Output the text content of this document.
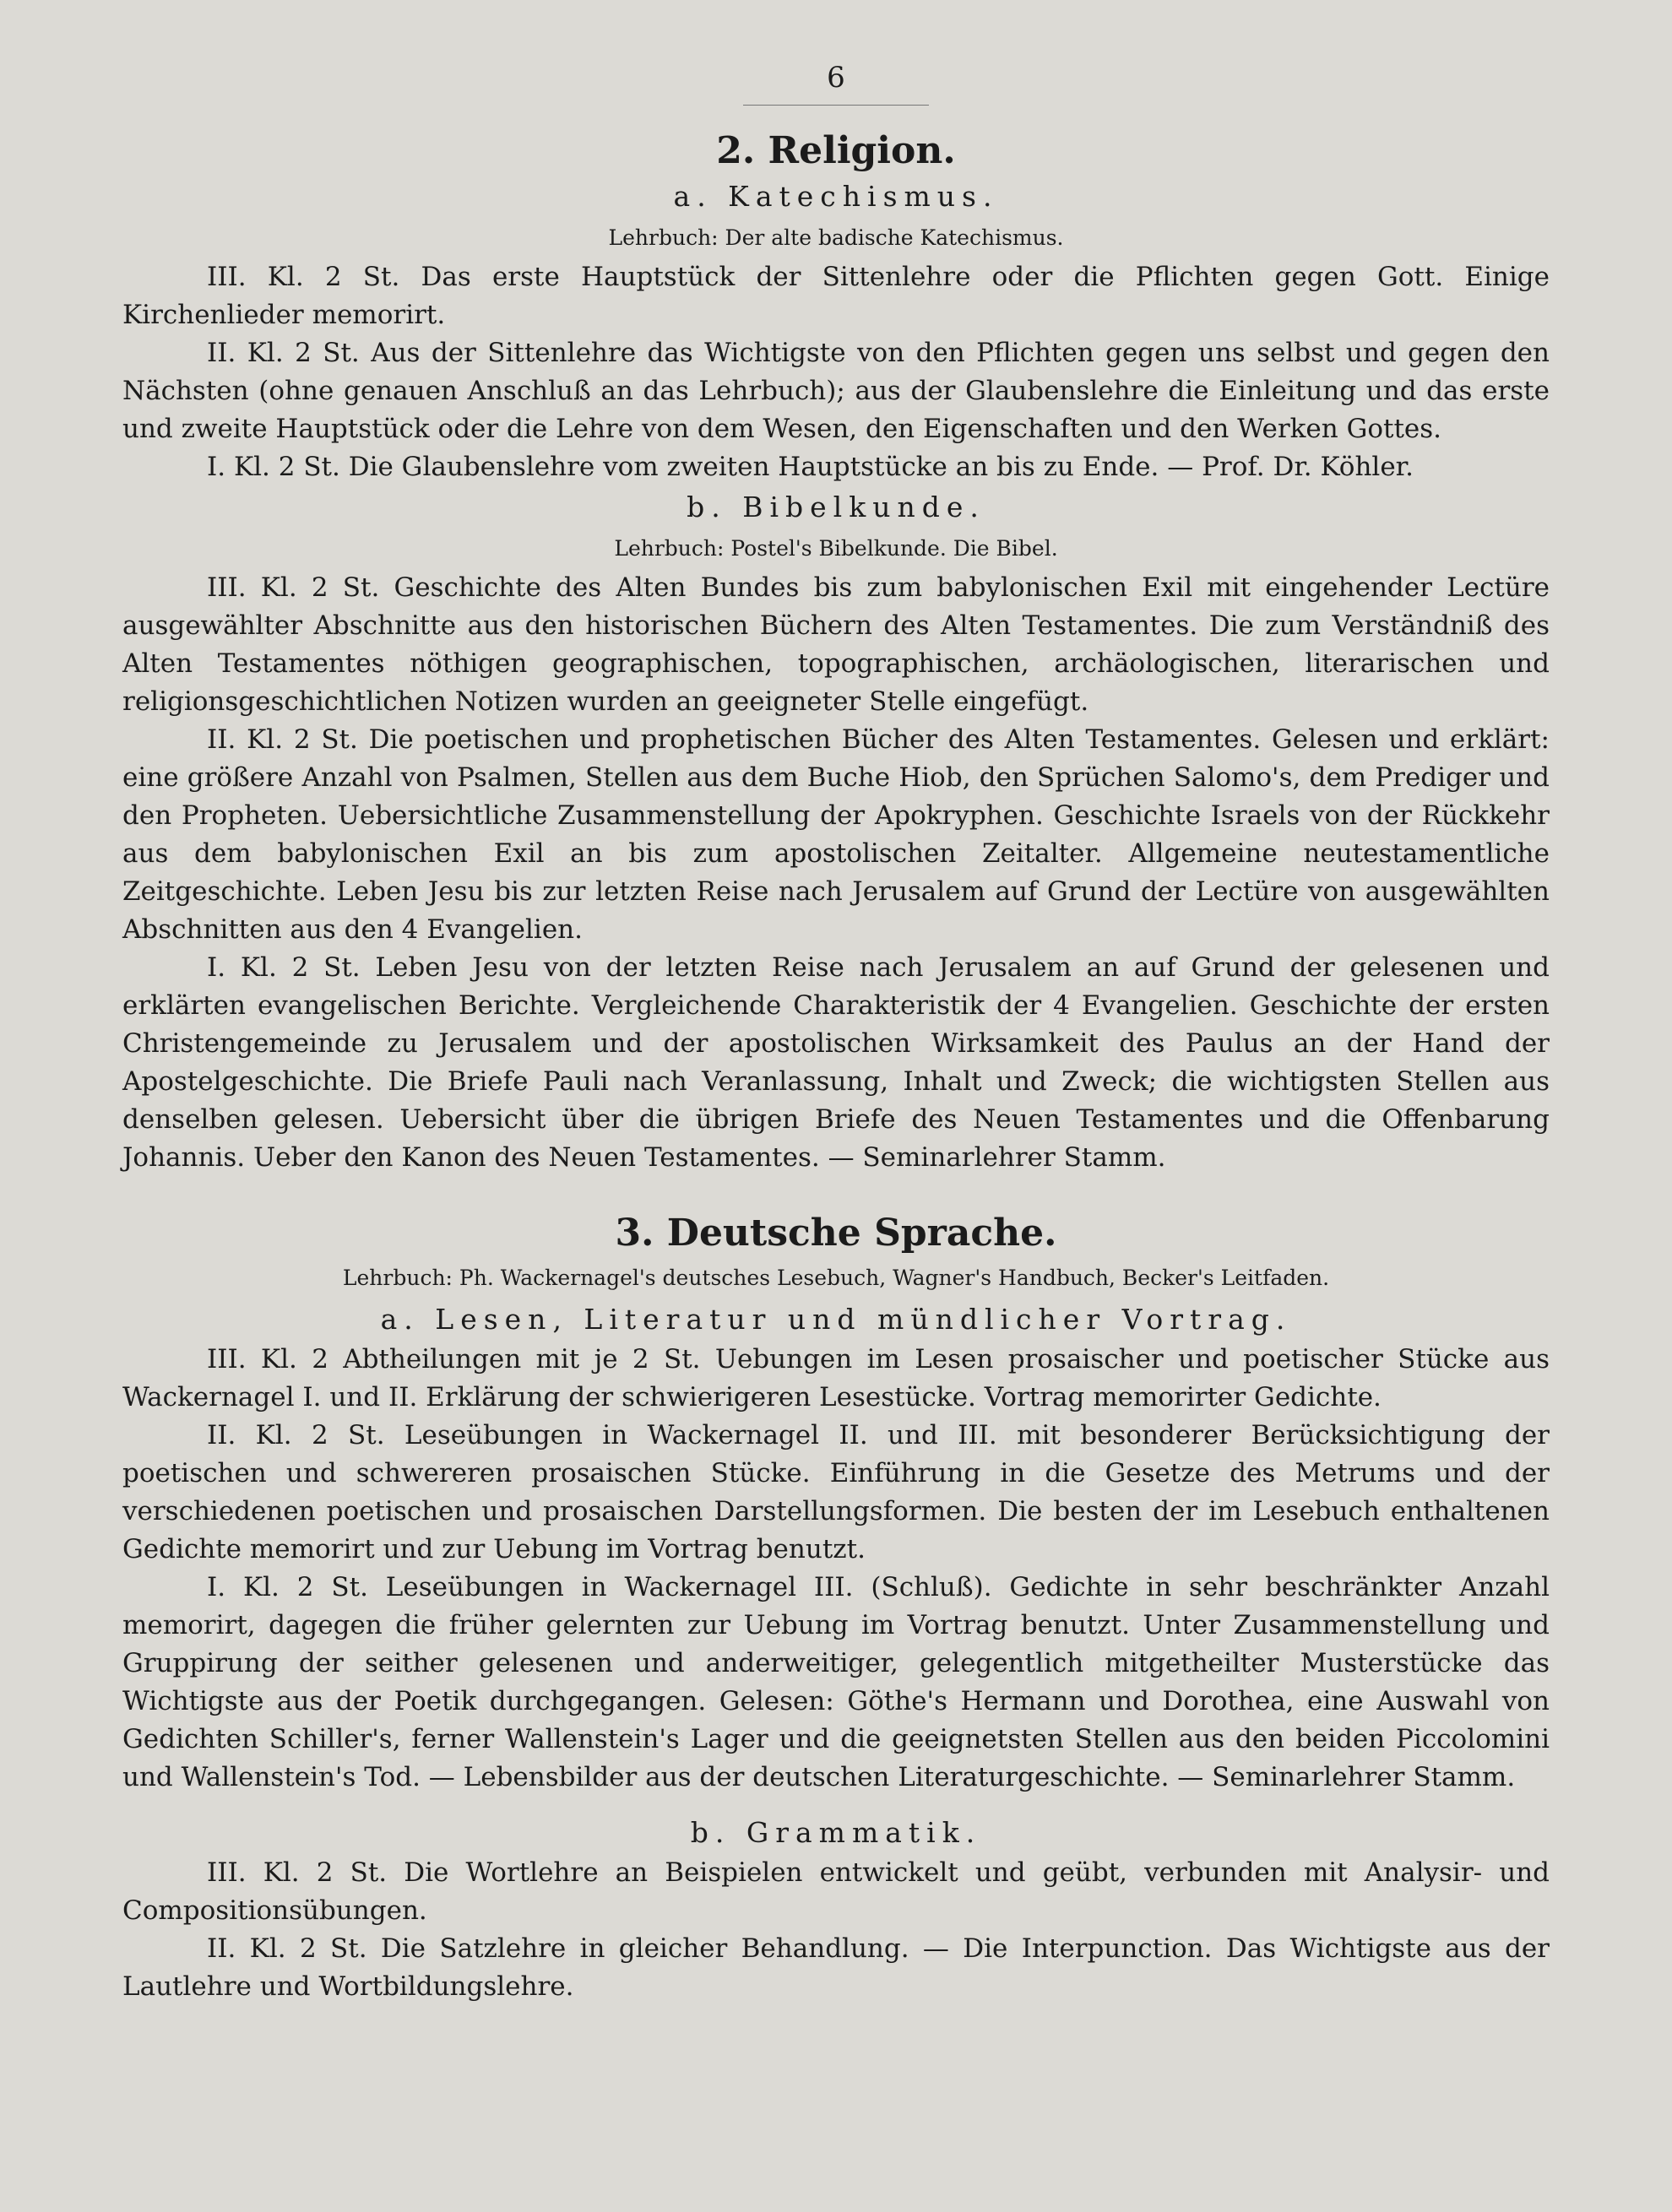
6
2. Religion.
a. Katechismus.
Lehrbuch: Der alte badische Katechismus.

III. Kl. 2 St. Das erste Hauptstück der Sittenlehre oder die Pflichten gegen Gott. Einige Kirchenlieder memorirt.

II. Kl. 2 St. Aus der Sittenlehre das Wichtigste von den Pflichten gegen uns selbst und gegen den Nächsten (ohne genauen Anschluß an das Lehrbuch); aus der Glaubenslehre die Einleitung und das erste und zweite Hauptstück oder die Lehre von dem Wesen, den Eigenschaften und den Werken Gottes.

I. Kl. 2 St. Die Glaubenslehre vom zweiten Hauptstücke an bis zu Ende. — Prof. Dr. Köhler.

b. Bibelkunde.
Lehrbuch: Postel's Bibelkunde. Die Bibel.

III. Kl. 2 St. Geschichte des Alten Bundes bis zum babylonischen Exil mit eingehender Lectüre ausgewählter Abschnitte aus den historischen Büchern des Alten Testamentes. Die zum Verständniß des Alten Testamentes nöthigen geographischen, topographischen, archäologischen, literarischen und religionsgeschichtlichen Notizen wurden an geeigneter Stelle eingefügt.

II. Kl. 2 St. Die poetischen und prophetischen Bücher des Alten Testamentes. Gelesen und erklärt: eine größere Anzahl von Psalmen, Stellen aus dem Buche Hiob, den Sprüchen Salomo's, dem Prediger und den Propheten. Uebersichtliche Zusammenstellung der Apokryphen. Geschichte Israels von der Rückkehr aus dem babylonischen Exil an bis zum apostolischen Zeitalter. Allgemeine neutestamentliche Zeitgeschichte. Leben Jesu bis zur letzten Reise nach Jerusalem auf Grund der Lectüre von ausgewählten Abschnitten aus den 4 Evangelien.

I. Kl. 2 St. Leben Jesu von der letzten Reise nach Jerusalem an auf Grund der gelesenen und erklärten evangelischen Berichte. Vergleichende Charakteristik der 4 Evangelien. Geschichte der ersten Christengemeinde zu Jerusalem und der apostolischen Wirksamkeit des Paulus an der Hand der Apostelgeschichte. Die Briefe Pauli nach Veranlassung, Inhalt und Zweck; die wichtigsten Stellen aus denselben gelesen. Uebersicht über die übrigen Briefe des Neuen Testamentes und die Offenbarung Johannis. Ueber den Kanon des Neuen Testamentes. — Seminarlehrer Stamm.

3. Deutsche Sprache.
Lehrbuch: Ph. Wackernagel's deutsches Lesebuch, Wagner's Handbuch, Becker's Leitfaden.
a. Lesen, Literatur und mündlicher Vortrag.

III. Kl. 2 Abtheilungen mit je 2 St. Uebungen im Lesen prosaischer und poetischer Stücke aus Wackernagel I. und II. Erklärung der schwierigeren Lesestücke. Vortrag memorirter Gedichte.

II. Kl. 2 St. Leseübungen in Wackernagel II. und III. mit besonderer Berücksichtigung der poetischen und schwereren prosaischen Stücke. Einführung in die Gesetze des Metrums und der verschiedenen poetischen und prosaischen Darstellungsformen. Die besten der im Lesebuch enthaltenen Gedichte memorirt und zur Uebung im Vortrag benutzt.

I. Kl. 2 St. Leseübungen in Wackernagel III. (Schluß). Gedichte in sehr beschränkter Anzahl memorirt, dagegen die früher gelernten zur Uebung im Vortrag benutzt. Unter Zusammenstellung und Gruppirung der seither gelesenen und anderweitiger, gelegentlich mitgetheilter Musterstücke das Wichtigste aus der Poetik durchgegangen. Gelesen: Göthe's Hermann und Dorothea, eine Auswahl von Gedichten Schiller's, ferner Wallenstein's Lager und die geeignetsten Stellen aus den beiden Piccolomini und Wallenstein's Tod. — Lebensbilder aus der deutschen Literaturgeschichte. — Seminarlehrer Stamm.

b. Grammatik.

III. Kl. 2 St. Die Wortlehre an Beispielen entwickelt und geübt, verbunden mit Analysir- und Compositionsübungen.

II. Kl. 2 St. Die Satzlehre in gleicher Behandlung. — Die Interpunction. Das Wichtigste aus der Lautlehre und Wortbildungslehre.
